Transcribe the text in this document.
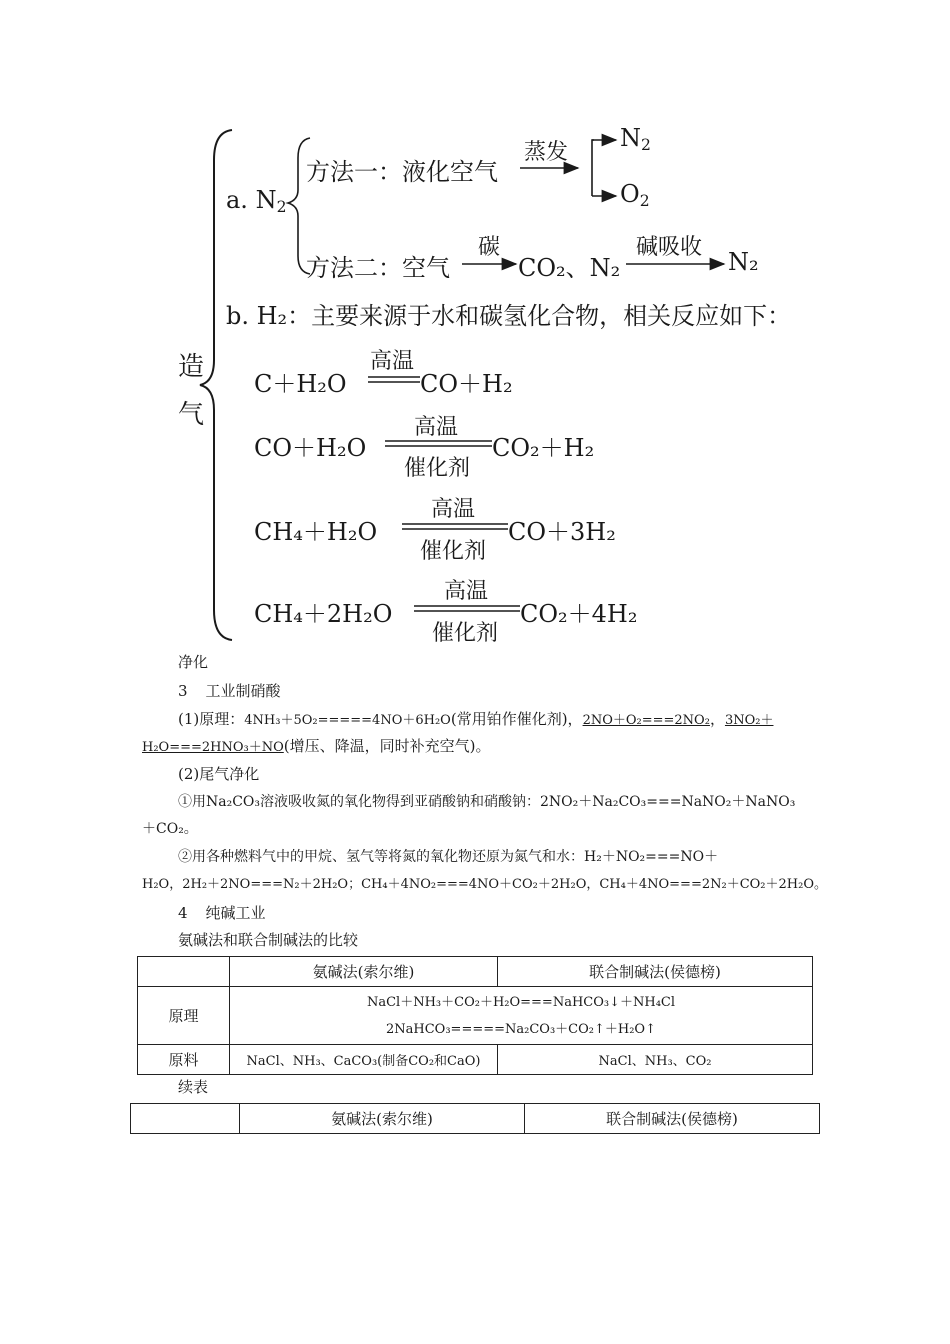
造
气
a. $N_2$
方法一：液化空气
蒸发
$N_2$
$O_2$
方法二：空气
碳
CO₂、N₂
碱吸收
N₂
b. H₂：主要来源于水和碳氢化合物，相关反应如下：
C＋H₂O
高温
CO＋H₂
CO＋H₂O
高温
催化剂
CO₂＋H₂
CH₄＋H₂O
高温
催化剂
CO＋3H₂
CH₄＋2H₂O
高温
催化剂
CO₂＋4H₂
净化
3 工业制硝酸
(1)原理：4NH₃＋5O₂=====4NO＋6H₂O(常用铂作催化剂)，2NO＋O₂===2NO₂，3NO₂＋
H₂O===2HNO₃＋NO(增压、降温，同时补充空气)。
(2)尾气净化
①用Na₂CO₃溶液吸收氮的氧化物得到亚硝酸钠和硝酸钠：2NO₂＋Na₂CO₃===NaNO₂＋NaNO₃
＋CO₂。
②用各种燃料气中的甲烷、氢气等将氮的氧化物还原为氮气和水：H₂＋NO₂===NO＋
H₂O，2H₂＋2NO===N₂＋2H₂O；CH₄＋4NO₂===4NO＋CO₂＋2H₂O，CH₄＋4NO===2N₂＋CO₂＋2H₂O。
4 纯碱工业
氨碱法和联合制碱法的比较
	氨碱法(索尔维)	联合制碱法(侯德榜)
原理	NaCl＋NH₃＋CO₂＋H₂O===NaHCO₃↓＋NH₄Cl
2NaHCO₃=====Na₂CO₃＋CO₂↑＋H₂O↑	

原料	NaCl、NH₃、CaCO₃(制备CO₂和CaO)	NaCl、NH₃、CO₂
续表
	氨碱法(索尔维)	联合制碱法(侯德榜)
